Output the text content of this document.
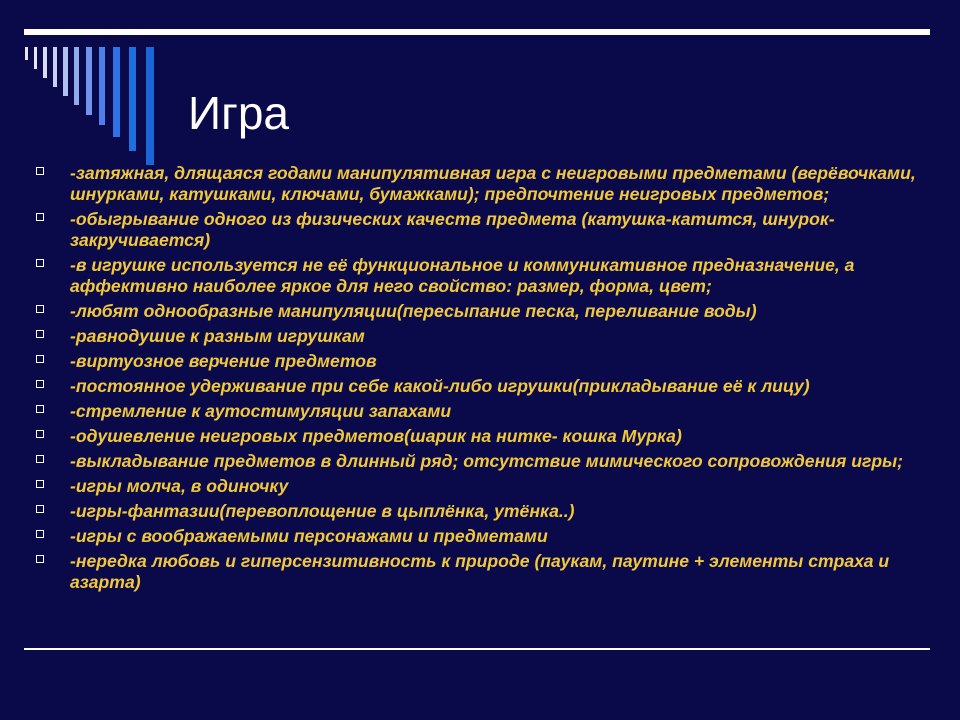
Игра
-затяжная, длящаяся годами манипулятивная игра с неигровыми предметами (верёвочками, шнурками, катушками, ключами, бумажками); предпочтение неигровых предметов;
-обыгрывание одного из физических качеств предмета (катушка-катится, шнурок-закручивается)
-в игрушке используется не её функциональное и коммуникативное предназначение, а аффективно наиболее яркое для него свойство: размер, форма, цвет;
-любят однообразные манипуляции(пересыпание песка, переливание воды)
-равнодушие к разным игрушкам
-виртуозное верчение предметов
-постоянное удерживание при себе какой-либо игрушки(прикладывание её к лицу)
-стремление к аутостимуляции запахами
-одушевление неигровых предметов(шарик на нитке- кошка Мурка)
-выкладывание предметов в длинный ряд; отсутствие мимического сопровождения игры;
-игры молча, в одиночку
-игры-фантазии(перевоплощение в цыплёнка, утёнка..)
-игры с воображаемыми персонажами и предметами
-нередка любовь и гиперсензитивность к природе (паукам, паутине + элементы страха и азарта)
